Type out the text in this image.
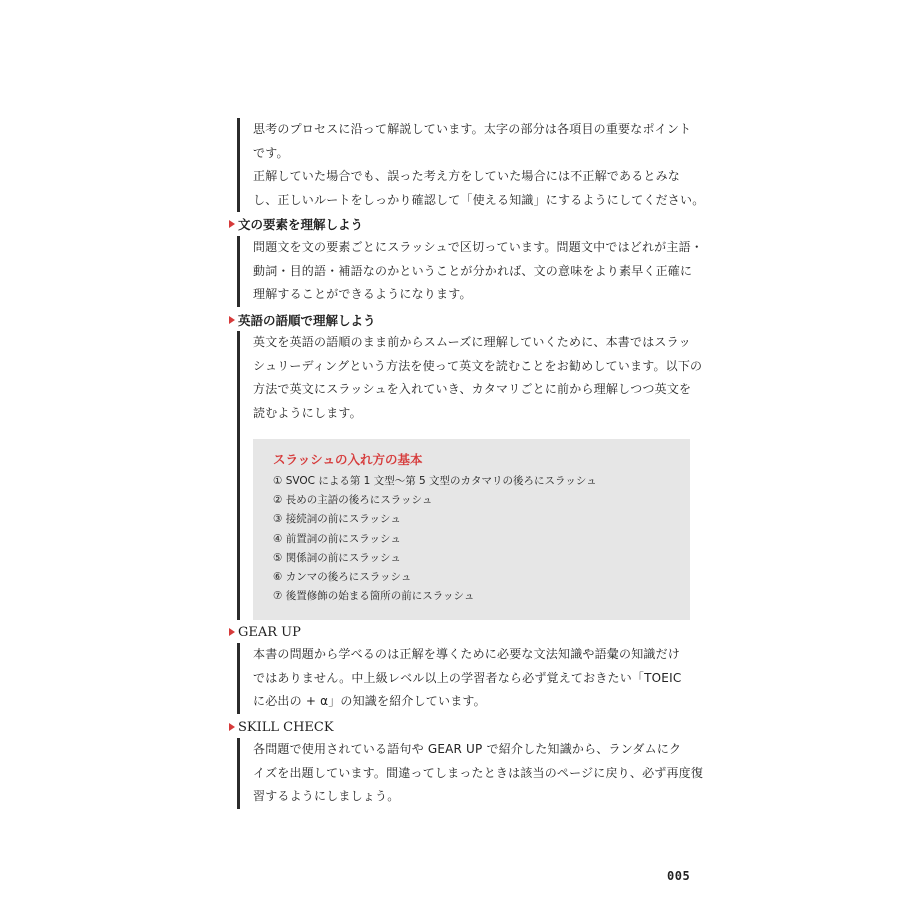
思考のプロセスに沿って解説しています。太字の部分は各項目の重要なポイント

です。

正解していた場合でも、誤った考え方をしていた場合には不正解であるとみな

し、正しいルートをしっかり確認して「使える知識」にするようにしてください。

文の要素を理解しよう

問題文を文の要素ごとにスラッシュで区切っています。問題文中ではどれが主語・

動詞・目的語・補語なのかということが分かれば、文の意味をより素早く正確に

理解することができるようになります。

英語の語順で理解しよう

英文を英語の語順のまま前からスムーズに理解していくために、本書ではスラッ

シュリーディングという方法を使って英文を読むことをお勧めしています。以下の

方法で英文にスラッシュを入れていき、カタマリごとに前から理解しつつ英文を

読むようにします。

スラッシュの入れ方の基本
① SVOC による第 1 文型～第 5 文型のカタマリの後ろにスラッシュ
② 長めの主語の後ろにスラッシュ
③ 接続詞の前にスラッシュ
④ 前置詞の前にスラッシュ
⑤ 関係詞の前にスラッシュ
⑥ カンマの後ろにスラッシュ
⑦ 後置修飾の始まる箇所の前にスラッシュ
GEAR UP

本書の問題から学べるのは正解を導くために必要な文法知識や語彙の知識だけ

ではありません。中上級レベル以上の学習者なら必ず覚えておきたい「TOEIC

に必出の + α」の知識を紹介しています。

SKILL CHECK

各問題で使用されている語句や GEAR UP で紹介した知識から、ランダムにク

イズを出題しています。間違ってしまったときは該当のページに戻り、必ず再度復

習するようにしましょう。

005
